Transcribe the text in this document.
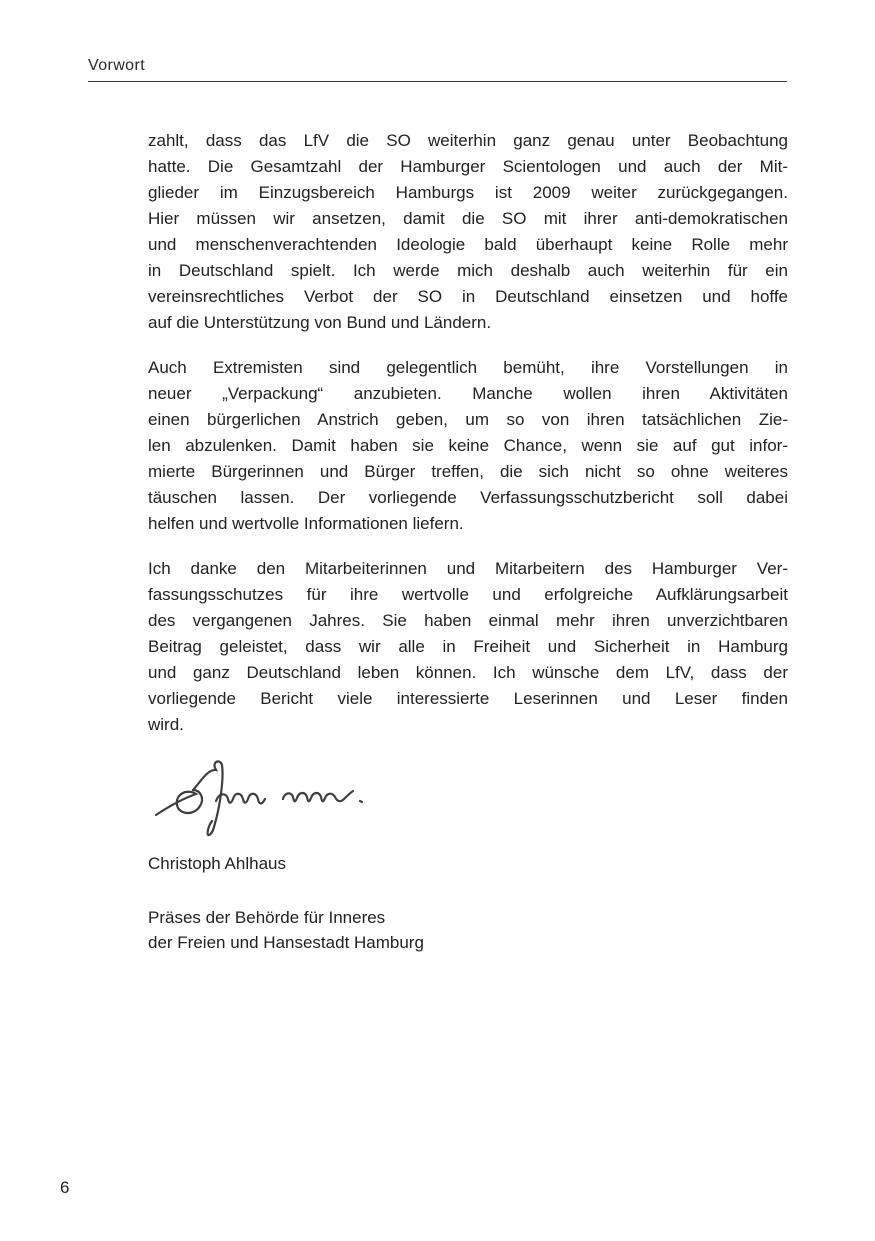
Vorwort

zahlt, dass das LfV die SO weiterhin ganz genau unter Beobachtung
hatte. Die Gesamtzahl der Hamburger Scientologen und auch der Mit-
glieder im Einzugsbereich Hamburgs ist 2009 weiter zurückgegangen.
Hier müssen wir ansetzen, damit die SO mit ihrer anti-demokratischen
und menschenverachtenden Ideologie bald überhaupt keine Rolle mehr
in Deutschland spielt. Ich werde mich deshalb auch weiterhin für ein
vereinsrechtliches Verbot der SO in Deutschland einsetzen und hoffe
auf die Unterstützung von Bund und Ländern.

Auch Extremisten sind gelegentlich bemüht, ihre Vorstellungen in
neuer „Verpackung“ anzubieten. Manche wollen ihren Aktivitäten
einen bürgerlichen Anstrich geben, um so von ihren tatsächlichen Zie-
len abzulenken. Damit haben sie keine Chance, wenn sie auf gut infor-
mierte Bürgerinnen und Bürger treffen, die sich nicht so ohne weiteres
täuschen lassen. Der vorliegende Verfassungsschutzbericht soll dabei
helfen und wertvolle Informationen liefern.

Ich danke den Mitarbeiterinnen und Mitarbeitern des Hamburger Ver-
fassungsschutzes für ihre wertvolle und erfolgreiche Aufklärungsarbeit
des vergangenen Jahres. Sie haben einmal mehr ihren unverzichtbaren
Beitrag geleistet, dass wir alle in Freiheit und Sicherheit in Hamburg
und ganz Deutschland leben können. Ich wünsche dem LfV, dass der
vorliegende Bericht viele interessierte Leserinnen und Leser finden
wird.

Christoph Ahlhaus

Präses der Behörde für Inneres
der Freien und Hansestadt Hamburg

6
